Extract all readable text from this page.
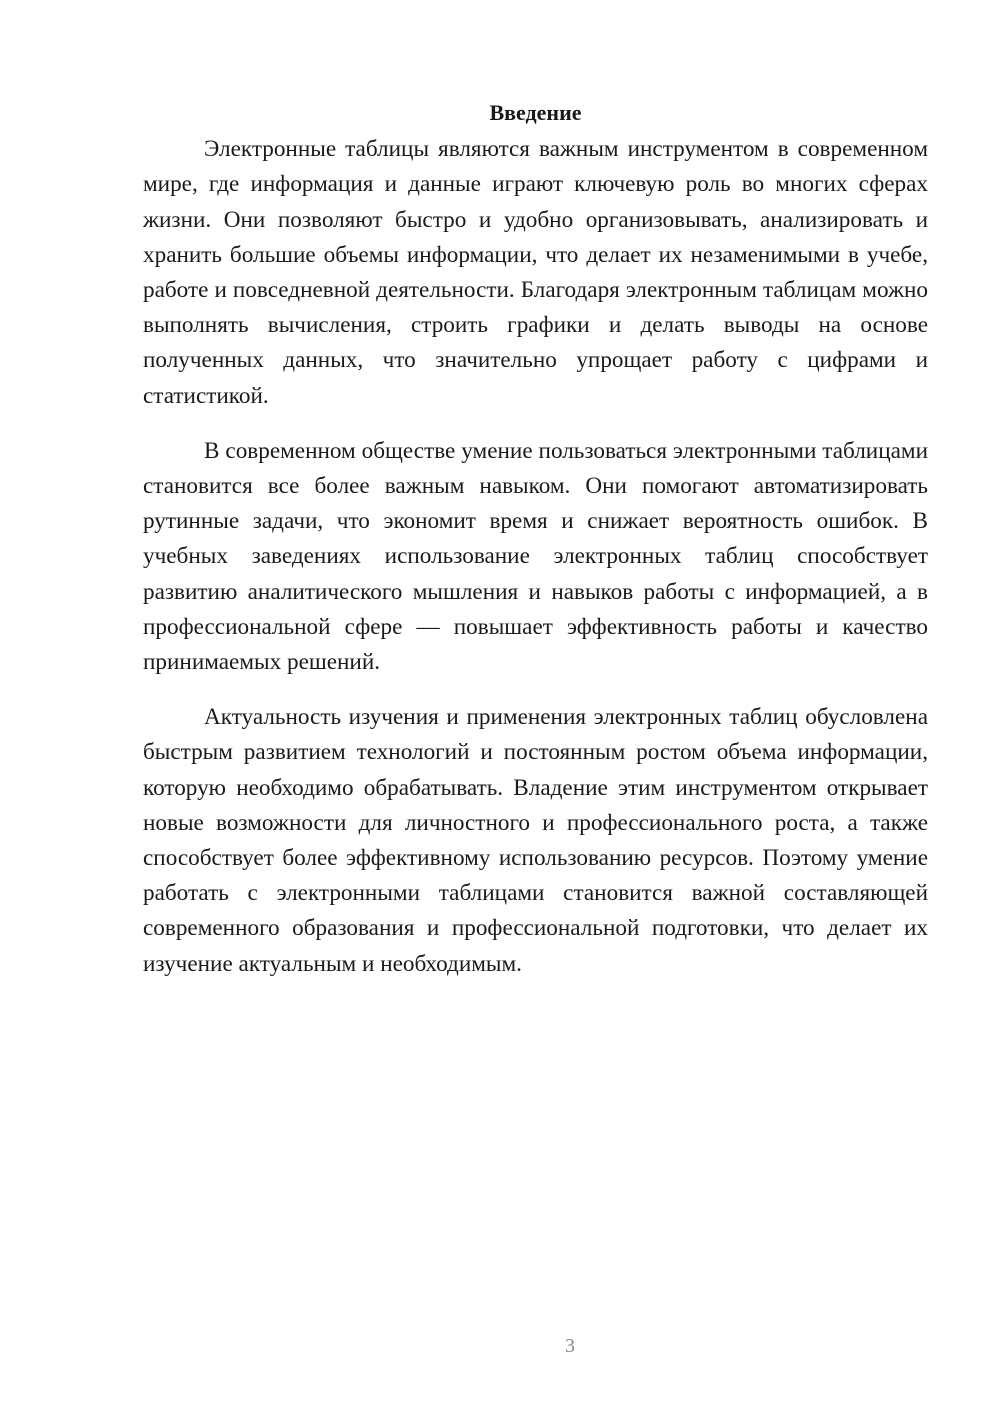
Введение

Электронные таблицы являются важным инструментом в современном мире, где информация и данные играют ключевую роль во многих сферах жизни. Они позволяют быстро и удобно организовывать, анализировать и хранить большие объемы информации, что делает их незаменимыми в учебе, работе и повседневной деятельности. Благодаря электронным таблицам можно выполнять вычисления, строить графики и делать выводы на основе полученных данных, что значительно упрощает работу с цифрами и статистикой.

В современном обществе умение пользоваться электронными таблицами становится все более важным навыком. Они помогают автоматизировать рутинные задачи, что экономит время и снижает вероятность ошибок. В учебных заведениях использование электронных таблиц способствует развитию аналитического мышления и навыков работы с информацией, а в профессиональной сфере — повышает эффективность работы и качество принимаемых решений.

Актуальность изучения и применения электронных таблиц обусловлена быстрым развитием технологий и постоянным ростом объема информации, которую необходимо обрабатывать. Владение этим инструментом открывает новые возможности для личностного и профессионального роста, а также способствует более эффективному использованию ресурсов. Поэтому умение работать с электронными таблицами становится важной составляющей современного образования и профессиональной подготовки, что делает их изучение актуальным и необходимым.

3
